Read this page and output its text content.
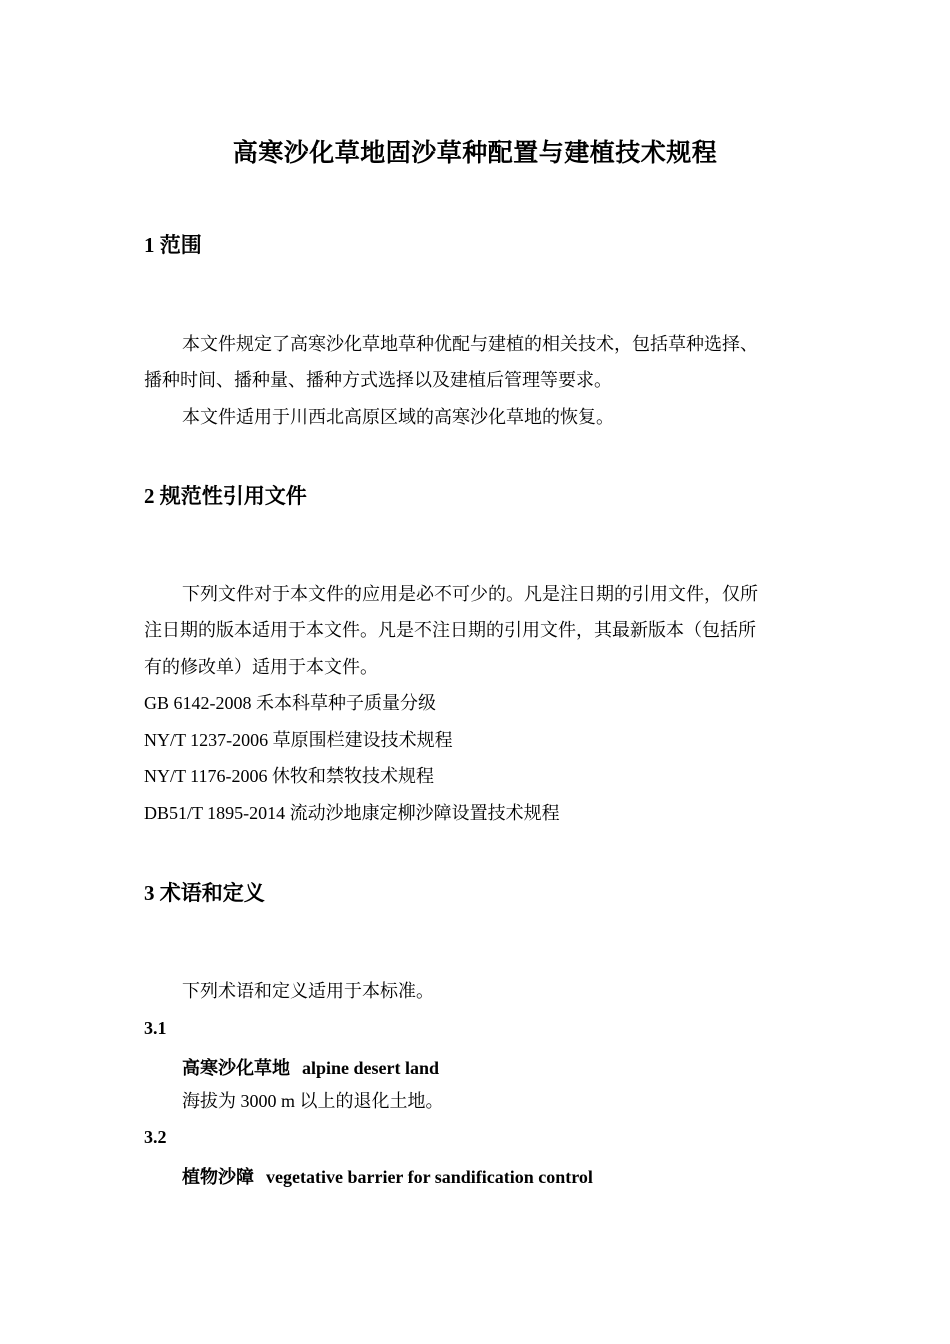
高寒沙化草地固沙草种配置与建植技术规程
1 范围
本文件规定了高寒沙化草地草种优配与建植的相关技术，包括草种选择、
播种时间、播种量、播种方式选择以及建植后管理等要求。
本文件适用于川西北高原区域的高寒沙化草地的恢复。
2 规范性引用文件
下列文件对于本文件的应用是必不可少的。凡是注日期的引用文件，仅所
注日期的版本适用于本文件。凡是不注日期的引用文件，其最新版本（包括所
有的修改单）适用于本文件。
GB 6142-2008 禾本科草种子质量分级
NY/T 1237-2006 草原围栏建设技术规程
NY/T 1176-2006 休牧和禁牧技术规程
DB51/T 1895-2014 流动沙地康定柳沙障设置技术规程
3 术语和定义
下列术语和定义适用于本标准。
3.1
高寒沙化草地 alpine desert land
海拔为 3000 m 以上的退化土地。
3.2
植物沙障 vegetative barrier for sandification control
